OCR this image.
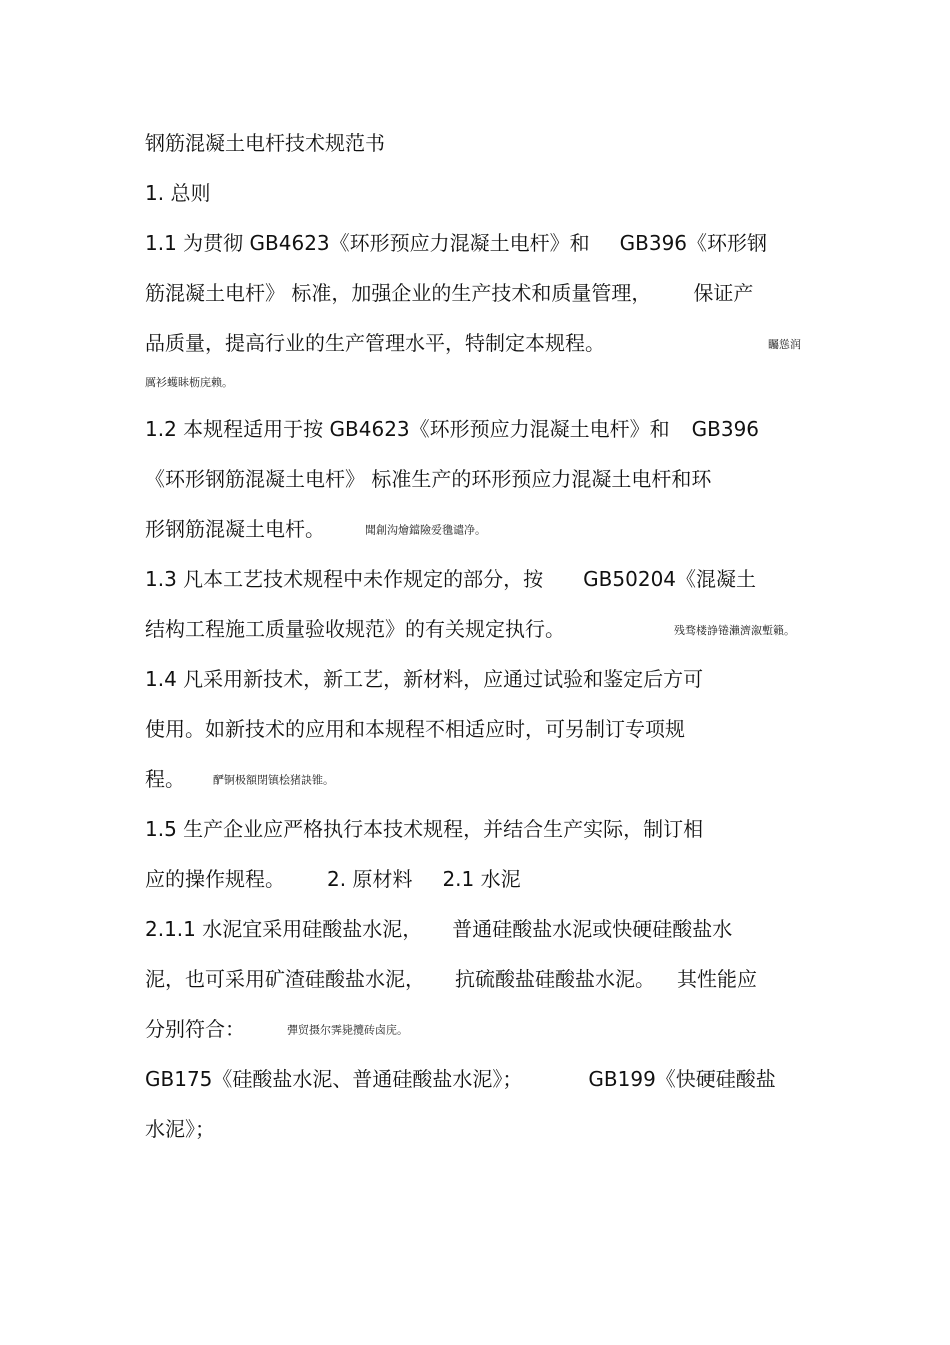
钢筋混凝土电杆技术规范书

1. 总则

1.1 为贯彻 GB4623《环形预应力混凝土电杆》和 GB396《环形钢

筋混凝土电杆》 标准，加强企业的生产技术和质量管理， 保证产

品质量，提高行业的生产管理水平，特制定本规程。	矚慫润

厲衫蠖眛枥庑赖。

1.2 本规程适用于按 GB4623《环形预应力混凝土电杆》和 GB396

《环形钢筋混凝土电杆》 标准生产的环形预应力混凝土电杆和环

形钢筋混凝土电杆。	聞創沟燴鐺險爱氇谴净。

1.3 凡本工艺技术规程中未作规定的部分，按 GB50204《混凝土

结构工程施工质量验收规范》的有关规定执行。	残骛楼諍锩瀨濟溆塹籟。

1.4 凡采用新技术，新工艺，新材料，应通过试验和鉴定后方可

使用。如新技术的应用和本规程不相适应时，可另制订专项规

程。	酽锕极額閉镇桧猪訣锥。

1.5 生产企业应严格执行本技术规程，并结合生产实际，制订相

应的操作规程。 2. 原材料 2.1 水泥

2.1.1 水泥宜采用硅酸盐水泥， 普通硅酸盐水泥或快硬硅酸盐水

泥，也可采用矿渣硅酸盐水泥， 抗硫酸盐硅酸盐水泥。 其性能应

分别符合：	彈贸摄尔霁毙攬砖卤庑。

GB175《硅酸盐水泥、普通硅酸盐水泥》；	GB199《快硬硅酸盐

水泥》；
